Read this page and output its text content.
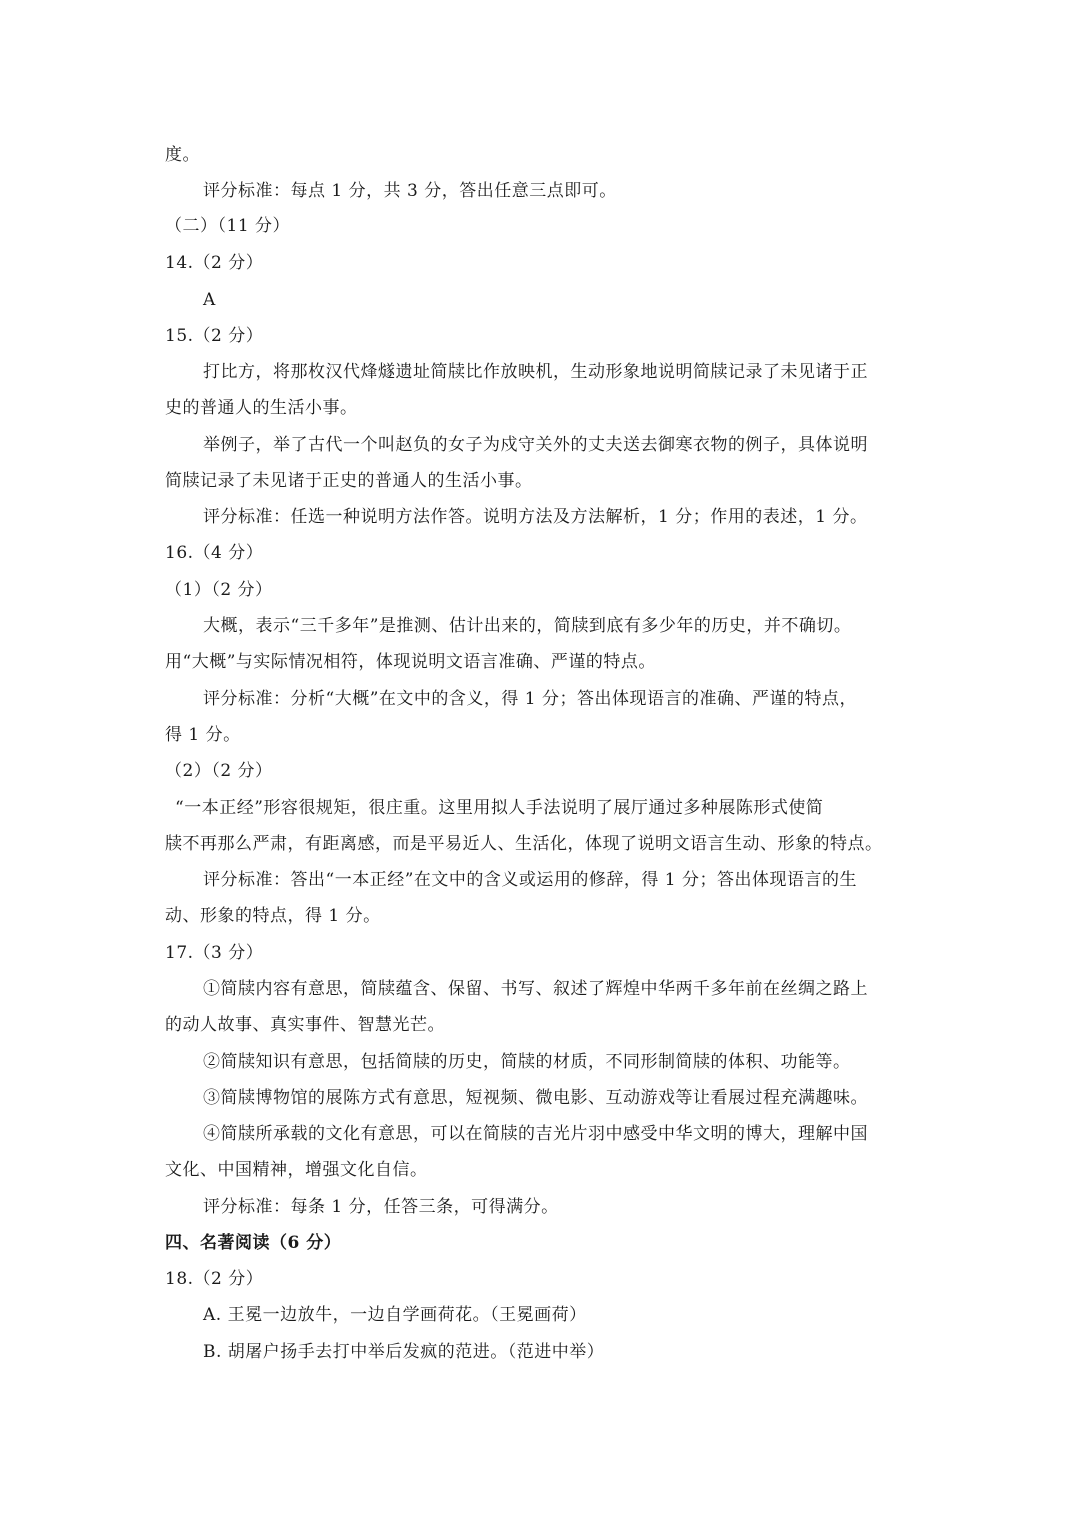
度。
评分标准：每点 1 分，共 3 分，答出任意三点即可。
（二）（11 分）
14.（2 分）
A
15.（2 分）
打比方，将那枚汉代烽燧遗址简牍比作放映机，生动形象地说明简牍记录了未见诸于正
史的普通人的生活小事。
举例子，举了古代一个叫赵负的女子为戍守关外的丈夫送去御寒衣物的例子，具体说明
简牍记录了未见诸于正史的普通人的生活小事。
评分标准：任选一种说明方法作答。说明方法及方法解析，1 分；作用的表述，1 分。
16.（4 分）
（1）（2 分）
大概，表示“三千多年”是推测、估计出来的，简牍到底有多少年的历史，并不确切。
用“大概”与实际情况相符，体现说明文语言准确、严谨的特点。
评分标准：分析“大概”在文中的含义，得 1 分；答出体现语言的准确、严谨的特点，
得 1 分。
（2）（2 分）
“一本正经”形容很规矩，很庄重。这里用拟人手法说明了展厅通过多种展陈形式使简
牍不再那么严肃，有距离感，而是平易近人、生活化，体现了说明文语言生动、形象的特点。
评分标准：答出“一本正经”在文中的含义或运用的修辞，得 1 分；答出体现语言的生
动、形象的特点，得 1 分。
17.（3 分）
①简牍内容有意思，简牍蕴含、保留、书写、叙述了辉煌中华两千多年前在丝绸之路上
的动人故事、真实事件、智慧光芒。
②简牍知识有意思，包括简牍的历史，简牍的材质，不同形制简牍的体积、功能等。
③简牍博物馆的展陈方式有意思，短视频、微电影、互动游戏等让看展过程充满趣味。
④简牍所承载的文化有意思，可以在简牍的吉光片羽中感受中华文明的博大，理解中国
文化、中国精神，增强文化自信。
评分标准：每条 1 分，任答三条，可得满分。
四、名著阅读（6 分）
18.（2 分）
A. 王冕一边放牛，一边自学画荷花。（王冕画荷）
B. 胡屠户扬手去打中举后发疯的范进。（范进中举）
